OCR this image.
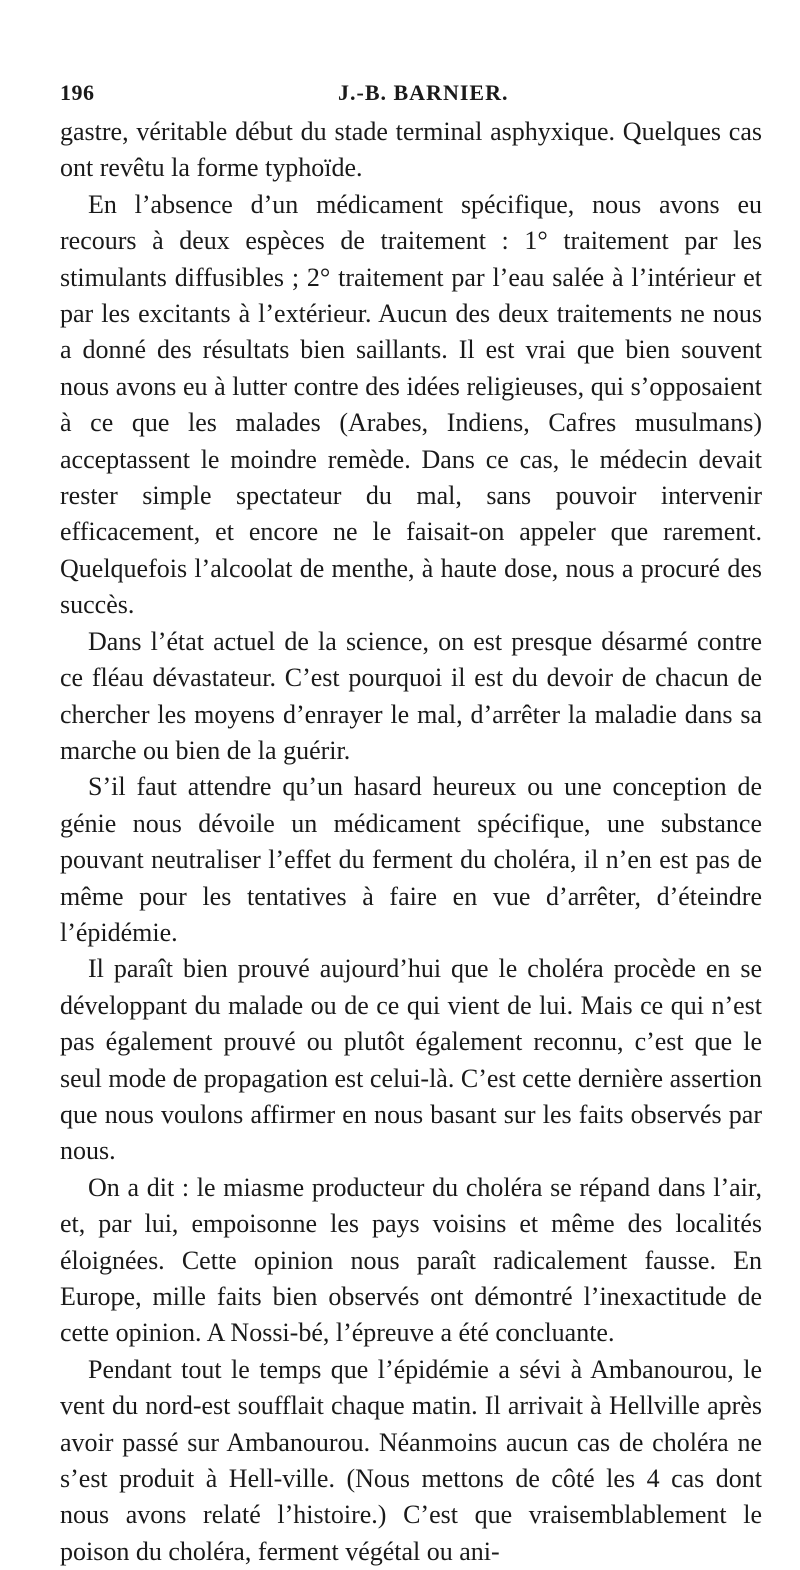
196	J.-B. BARNIER.

gastre, véritable début du stade terminal asphyxique. Quelques cas ont revêtu la forme typhoïde.

En l’absence d’un médicament spécifique, nous avons eu recours à deux espèces de traitement : 1° traitement par les stimulants diffusibles ; 2° traitement par l’eau salée à l’intérieur et par les excitants à l’extérieur. Aucun des deux traitements ne nous a donné des résultats bien saillants. Il est vrai que bien souvent nous avons eu à lutter contre des idées religieuses, qui s’opposaient à ce que les malades (Arabes, Indiens, Cafres musulmans) acceptassent le moindre remède. Dans ce cas, le médecin devait rester simple spectateur du mal, sans pouvoir intervenir efficacement, et encore ne le faisait-on appeler que rarement. Quelquefois l’alcoolat de menthe, à haute dose, nous a procuré des succès.

Dans l’état actuel de la science, on est presque désarmé contre ce fléau dévastateur. C’est pourquoi il est du devoir de chacun de chercher les moyens d’enrayer le mal, d’arrêter la maladie dans sa marche ou bien de la guérir.

S’il faut attendre qu’un hasard heureux ou une conception de génie nous dévoile un médicament spécifique, une substance pouvant neutraliser l’effet du ferment du choléra, il n’en est pas de même pour les tentatives à faire en vue d’arrêter, d’éteindre l’épidémie.

Il paraît bien prouvé aujourd’hui que le choléra procède en se développant du malade ou de ce qui vient de lui. Mais ce qui n’est pas également prouvé ou plutôt également reconnu, c’est que le seul mode de propagation est celui-là. C’est cette dernière assertion que nous voulons affirmer en nous basant sur les faits observés par nous.

On a dit : le miasme producteur du choléra se répand dans l’air, et, par lui, empoisonne les pays voisins et même des localités éloignées. Cette opinion nous paraît radicalement fausse. En Europe, mille faits bien observés ont démontré l’inexactitude de cette opinion. A Nossi-bé, l’épreuve a été concluante.

Pendant tout le temps que l’épidémie a sévi à Ambanourou, le vent du nord-est soufflait chaque matin. Il arrivait à Hellville après avoir passé sur Ambanourou. Néanmoins aucun cas de choléra ne s’est produit à Hell-ville. (Nous mettons de côté les 4 cas dont nous avons relaté l’histoire.) C’est que vraisemblablement le poison du choléra, ferment végétal ou ani-
